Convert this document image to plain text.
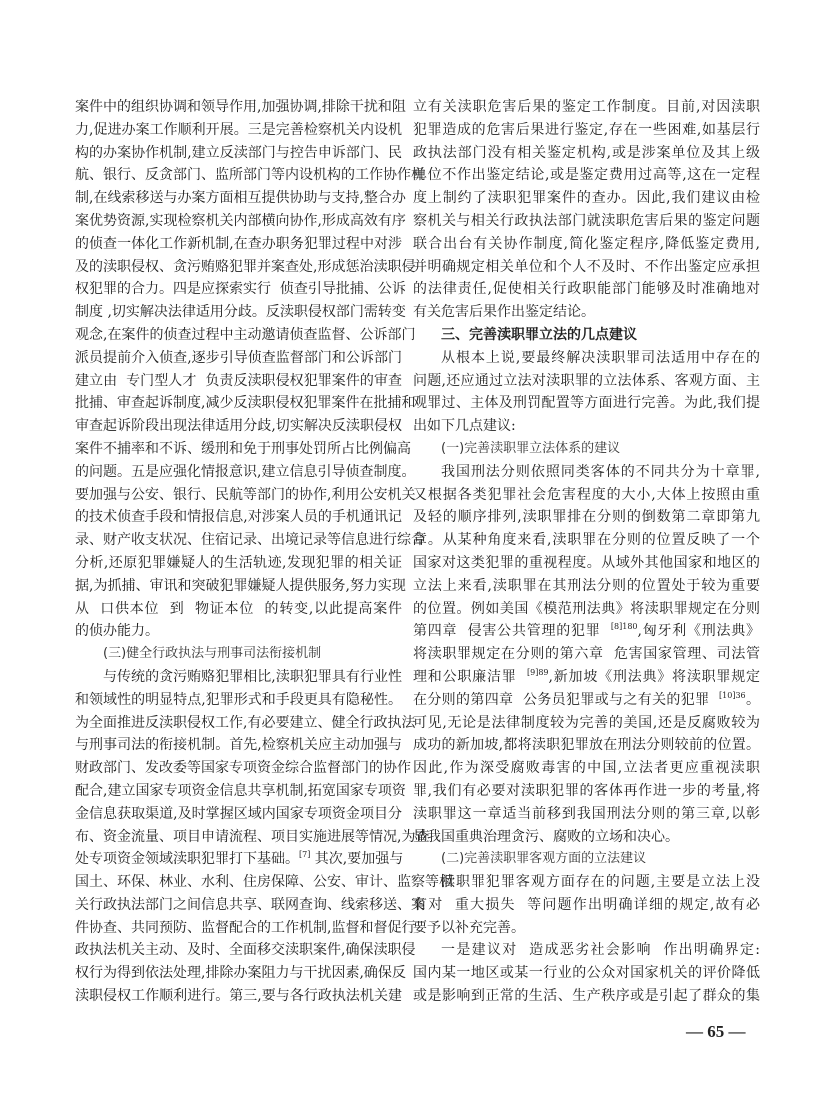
案件中的组织协调和领导作用,加强协调,排除干扰和阻
力,促进办案工作顺利开展。三是完善检察机关内设机
构的办案协作机制,建立反渎部门与控告申诉部门、民
航、银行、反贪部门、监所部门等内设机构的工作协作机
制,在线索移送与办案方面相互提供协助与支持,整合办
案优势资源,实现检察机关内部横向协作,形成高效有序
的侦查一体化工作新机制,在查办职务犯罪过程中对涉
及的渎职侵权、贪污贿赂犯罪并案查处,形成惩治渎职侵
权犯罪的合力。四是应探索实行  侦查引导批捕、公诉
制度 ,切实解决法律适用分歧。反渎职侵权部门需转变
观念,在案件的侦查过程中主动邀请侦查监督、公诉部门
派员提前介入侦查,逐步引导侦查监督部门和公诉部门
建立由  专门型人才  负责反渎职侵权犯罪案件的审查
批捕、审查起诉制度,减少反渎职侵权犯罪案件在批捕和
审查起诉阶段出现法律适用分歧,切实解决反渎职侵权
案件不捕率和不诉、缓刑和免于刑事处罚所占比例偏高
的问题。五是应强化情报意识,建立信息引导侦查制度。
要加强与公安、银行、民航等部门的协作,利用公安机关
的技术侦查手段和情报信息,对涉案人员的手机通讯记
录、财产收支状况、住宿记录、出境记录等信息进行综合
分析,还原犯罪嫌疑人的生活轨迹,发现犯罪的相关证
据,为抓捕、审讯和突破犯罪嫌疑人提供服务,努力实现
从  口供本位  到  物证本位  的转变,以此提高案件
的侦办能力。
(三)健全行政执法与刑事司法衔接机制
与传统的贪污贿赂犯罪相比,渎职犯罪具有行业性
和领域性的明显特点,犯罪形式和手段更具有隐秘性。
为全面推进反渎职侵权工作,有必要建立、健全行政执法
与刑事司法的衔接机制。首先,检察机关应主动加强与
财政部门、发改委等国家专项资金综合监督部门的协作
配合,建立国家专项资金信息共享机制,拓宽国家专项资
金信息获取渠道,及时掌握区域内国家专项资金项目分
布、资金流量、项目申请流程、项目实施进展等情况,为查
处专项资金领域渎职犯罪打下基础。[7] 其次,要加强与
国土、环保、林业、水利、住房保障、公安、审计、监察等相
关行政执法部门之间信息共享、联网查询、线索移送、案
件协查、共同预防、监督配合的工作机制,监督和督促行
政执法机关主动、及时、全面移交渎职案件,确保渎职侵
权行为得到依法处理,排除办案阻力与干扰因素,确保反
渎职侵权工作顺利进行。第三,要与各行政执法机关建
立有关渎职危害后果的鉴定工作制度。目前,对因渎职
犯罪造成的危害后果进行鉴定,存在一些困难,如基层行
政执法部门没有相关鉴定机构,或是涉案单位及其上级
单位不作出鉴定结论,或是鉴定费用过高等,这在一定程
度上制约了渎职犯罪案件的查办。因此,我们建议由检
察机关与相关行政执法部门就渎职危害后果的鉴定问题
联合出台有关协作制度,简化鉴定程序,降低鉴定费用,
并明确规定相关单位和个人不及时、不作出鉴定应承担
的法律责任,促使相关行政职能部门能够及时准确地对
有关危害后果作出鉴定结论。
三、完善渎职罪立法的几点建议
从根本上说,要最终解决渎职罪司法适用中存在的
问题,还应通过立法对渎职罪的立法体系、客观方面、主
观罪过、主体及刑罚配置等方面进行完善。为此,我们提
出如下几点建议:
(一)完善渎职罪立法体系的建议
我国刑法分则依照同类客体的不同共分为十章罪,
又根据各类犯罪社会危害程度的大小,大体上按照由重
及轻的顺序排列,渎职罪排在分则的倒数第二章即第九
章。从某种角度来看,渎职罪在分则的位置反映了一个
国家对这类犯罪的重视程度。从域外其他国家和地区的
立法上来看,渎职罪在其刑法分则的位置处于较为重要
的位置。例如美国《模范刑法典》将渎职罪规定在分则
第四章  侵害公共管理的犯罪  $^{[8]180}$,匈牙利《刑法典》
将渎职罪规定在分则的第六章  危害国家管理、司法管
理和公职廉洁罪  $^{[9]89}$,新加坡《刑法典》将渎职罪规定
在分则的第四章  公务员犯罪或与之有关的犯罪  $^{[10]36}$。
可见,无论是法律制度较为完善的美国,还是反腐败较为
成功的新加坡,都将渎职犯罪放在刑法分则较前的位置。
因此,作为深受腐败毒害的中国,立法者更应重视渎职
罪,我们有必要对渎职犯罪的客体再作进一步的考量,将
渎职罪这一章适当前移到我国刑法分则的第三章,以彰
显我国重典治理贪污、腐败的立场和决心。
(二)完善渎职罪客观方面的立法建议
渎职罪犯罪客观方面存在的问题,主要是立法上没
有对  重大损失  等问题作出明确详细的规定,故有必
要予以补充完善。
一是建议对  造成恶劣社会影响  作出明确界定:
国内某一地区或某一行业的公众对国家机关的评价降低
或是影响到正常的生活、生产秩序或是引起了群众的集
— 65 —
